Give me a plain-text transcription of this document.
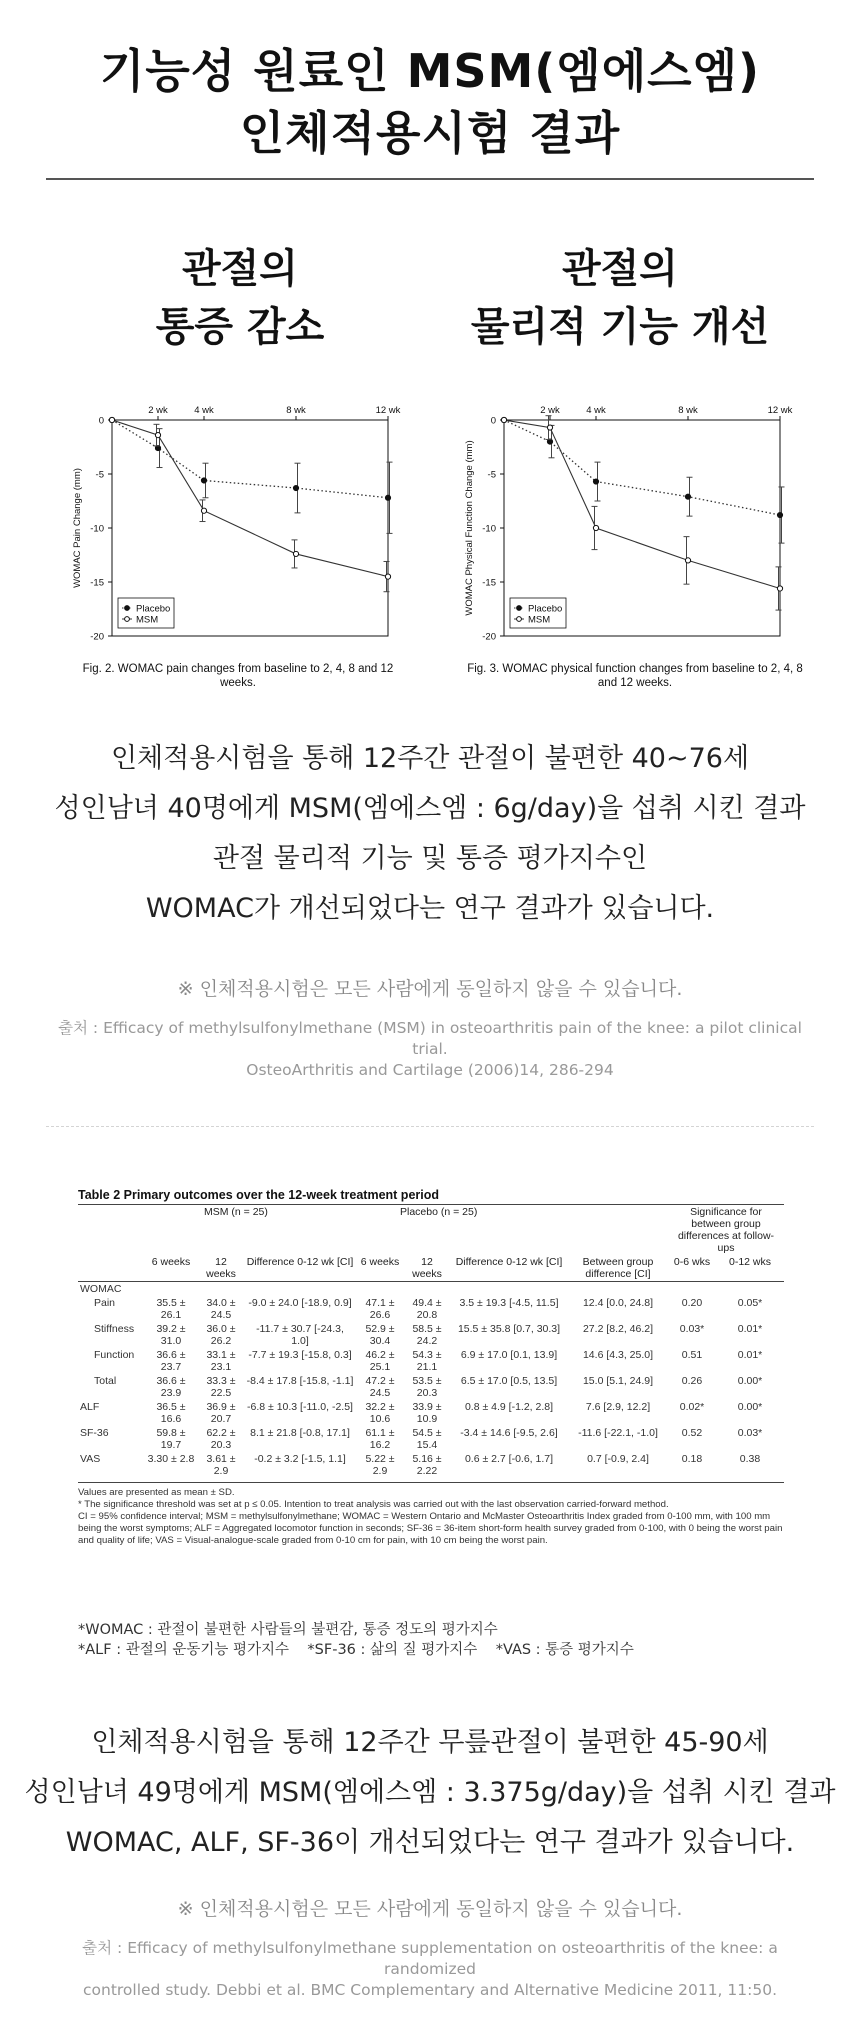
기능성 원료인 MSM(엠에스엠)
인체적용시험 결과
관절의
통증 감소
관절의
물리적 기능 개선
2 wk	4 wk	8 wk	12 wk
0
-5
-10
-15
-20
WOMAC Pain Change (mm)
Placebo
MSM
2 wk	4 wk	8 wk	12 wk
0
-5
-10
-15
-20
WOMAC Physical Function Change (mm)	Placebo
MSM
Fig. 2. WOMAC pain changes from baseline to 2, 4, 8 and 12
weeks.
Fig. 3. WOMAC physical function changes from baseline to 2, 4, 8
and 12 weeks.
인체적용시험을 통해 12주간 관절이 불편한 40~76세
성인남녀 40명에게 MSM(엠에스엠 : 6g/day)을 섭취 시킨 결과
관절 물리적 기능 및 통증 평가지수인
WOMAC가 개선되었다는 연구 결과가 있습니다.
※ 인체적용시험은 모든 사람에게 동일하지 않을 수 있습니다.
출처 : Efficacy of methylsulfonylmethane (MSM) in osteoarthritis pain of the knee: a pilot clinical trial.
OsteoArthritis and Cartilage (2006)14, 286-294
Table 2 Primary outcomes over the 12-week treatment period
	MSM (n = 25)			Placebo (n = 25)				Significance for between group differences at follow-ups	
	6 weeks	12 weeks	Difference 0-12 wk [CI]	6 weeks	12 weeks	Difference 0-12 wk [CI]	Between group difference [CI]	0-6 wks	0-12 wks
WOMAC									
Pain	35.5 ± 26.1	34.0 ± 24.5	-9.0 ± 24.0 [-18.9, 0.9]	47.1 ± 26.6	49.4 ± 20.8	3.5 ± 19.3 [-4.5, 11.5]	12.4 [0.0, 24.8]	0.20	0.05*
Stiffness	39.2 ± 31.0	36.0 ± 26.2	-11.7 ± 30.7 [-24.3, 1.0]	52.9 ± 30.4	58.5 ± 24.2	15.5 ± 35.8 [0.7, 30.3]	27.2 [8.2, 46.2]	0.03*	0.01*
Function	36.6 ± 23.7	33.1 ± 23.1	-7.7 ± 19.3 [-15.8, 0.3]	46.2 ± 25.1	54.3 ± 21.1	6.9 ± 17.0 [0.1, 13.9]	14.6 [4.3, 25.0]	0.51	0.01*
Total	36.6 ± 23.9	33.3 ± 22.5	-8.4 ± 17.8 [-15.8, -1.1]	47.2 ± 24.5	53.5 ± 20.3	6.5 ± 17.0 [0.5, 13.5]	15.0 [5.1, 24.9]	0.26	0.00*
ALF	36.5 ± 16.6	36.9 ± 20.7	-6.8 ± 10.3 [-11.0, -2.5]	32.2 ± 10.6	33.9 ± 10.9	0.8 ± 4.9 [-1.2, 2.8]	7.6 [2.9, 12.2]	0.02*	0.00*
SF-36	59.8 ± 19.7	62.2 ± 20.3	8.1 ± 21.8 [-0.8, 17.1]	61.1 ± 16.2	54.5 ± 15.4	-3.4 ± 14.6 [-9.5, 2.6]	-11.6 [-22.1, -1.0]	0.52	0.03*
VAS	3.30 ± 2.8	3.61 ± 2.9	-0.2 ± 3.2 [-1.5, 1.1]	5.22 ± 2.9	5.16 ± 2.22	0.6 ± 2.7 [-0.6, 1.7]	0.7 [-0.9, 2.4]	0.18	0.38
Values are presented as mean ± SD.
* The significance threshold was set at p ≤ 0.05. Intention to treat analysis was carried out with the last observation carried-forward method.
CI = 95% confidence interval; MSM = methylsulfonylmethane; WOMAC = Western Ontario and McMaster Osteoarthritis Index graded from 0-100 mm, with 100 mm being the worst symptoms; ALF = Aggregated locomotor function in seconds; SF-36 = 36-item short-form health survey graded from 0-100, with 0 being the worst pain and quality of life; VAS = Visual-analogue-scale graded from 0-10 cm for pain, with 10 cm being the worst pain.
*WOMAC : 관절이 불편한 사람들의 불편감, 통증 정도의 평가지수
*ALF : 관절의 운동기능 평가지수    *SF-36 : 삶의 질 평가지수    *VAS : 통증 평가지수
인체적용시험을 통해 12주간 무릎관절이 불편한 45-90세
성인남녀 49명에게 MSM(엠에스엠 : 3.375g/day)을 섭취 시킨 결과
WOMAC, ALF, SF-36이 개선되었다는 연구 결과가 있습니다.
※ 인체적용시험은 모든 사람에게 동일하지 않을 수 있습니다.
출처 : Efficacy of methylsulfonylmethane supplementation on osteoarthritis of the knee: a randomized
controlled study. Debbi et al. BMC Complementary and Alternative Medicine 2011, 11:50.
